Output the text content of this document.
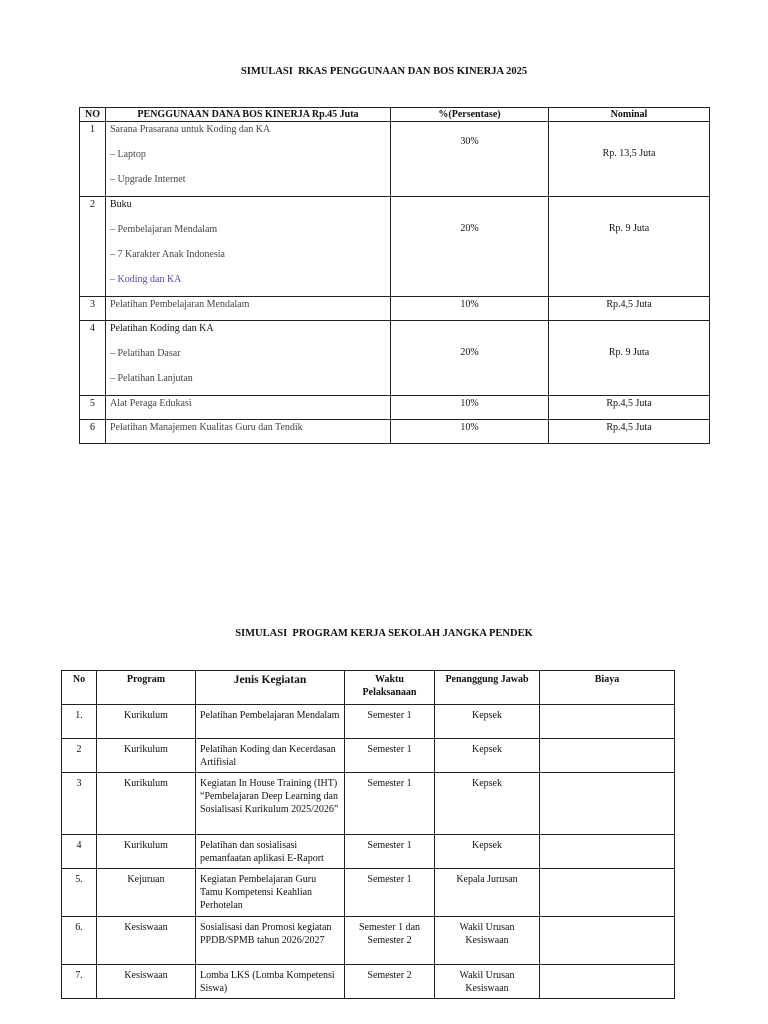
SIMULASI  RKAS PENGGUNAAN DAN BOS KINERJA 2025
NO	PENGGUNAAN DANA BOS KINERJA Rp.45 Juta	%(Persentase)	Nominal
1	Sarana Prasarana untuk Koding dan KA
– Laptop
– Upgrade Internet	30%	Rp. 13,5 Juta
2	Buku
– Pembelajaran Mendalam
– 7 Karakter Anak Indonesia
– Koding dan KA	20%	Rp. 9 Juta
3	Pelatihan Pembelajaran Mendalam	10%	Rp.4,5 Juta
4	Pelatihan Koding dan KA
– Pelatihan Dasar
– Pelatihan Lanjutan	20%	Rp. 9 Juta
5	Alat Peraga Edukasi	10%	Rp.4,5 Juta
6	Pelatihan Manajemen Kualitas Guru dan Tendik	10%	Rp.4,5 Juta
SIMULASI  PROGRAM KERJA SEKOLAH JANGKA PENDEK
No	Program	Jenis Kegiatan	Waktu Pelaksanaan	Penanggung Jawab	Biaya
1.	Kurikulum	Pelatihan Pembelajaran Mendalam	Semester 1	Kepsek	
2	Kurikulum	Pelatihan Koding dan Kecerdasan Artifisial	Semester 1	Kepsek	
3	Kurikulum	Kegiatan In House Training (IHT) “Pembelajaran Deep Learning dan Sosialisasi Kurikulum 2025/2026”	Semester 1	Kepsek	
4	Kurikulum	Pelatihan dan sosialisasi pemanfaatan aplikasi E-Raport	Semester 1	Kepsek	
5.	Kejuruan	Kegiatan Pembelajaran Guru Tamu Kompetensi Keahlian Perhotelan	Semester 1	Kepala Jurusan	
6.	Kesiswaan	Sosialisasi dan Promosi kegiatan PPDB/SPMB tahun 2026/2027	Semester 1 dan Semester 2	Wakil Urusan Kesiswaan	
7.	Kesiswaan	Lomba LKS (Lomba Kompetensi Siswa)	Semester 2	Wakil Urusan Kesiswaan	
